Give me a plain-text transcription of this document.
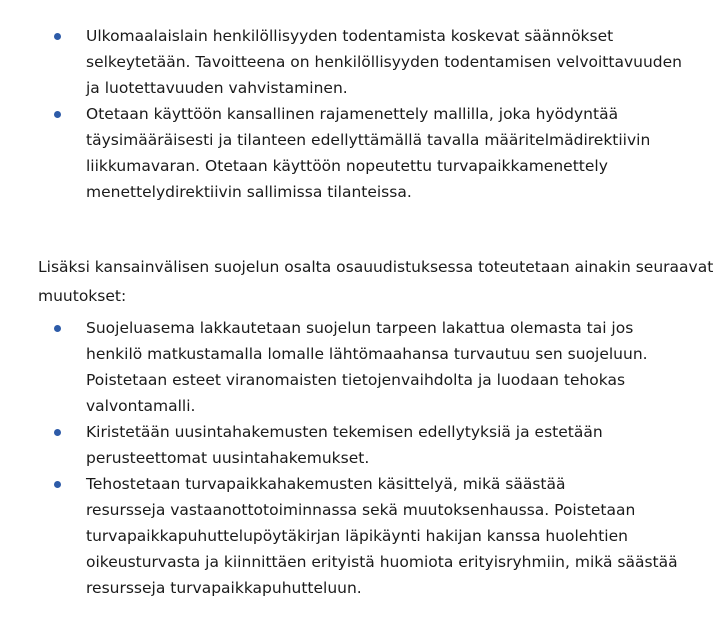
Ulkomaalaislain henkilöllisyyden todentamista koskevat säännökset
selkeytetään. Tavoitteena on henkilöllisyyden todentamisen velvoittavuuden
ja luotettavuuden vahvistaminen.
Otetaan käyttöön kansallinen rajamenettely mallilla, joka hyödyntää
täysimääräisesti ja tilanteen edellyttämällä tavalla määritelmädirektiivin
liikkumavaran. Otetaan käyttöön nopeutettu turvapaikkamenettely
menettelydirektiivin sallimissa tilanteissa.

Lisäksi kansainvälisen suojelun osalta osauudistuksessa toteutetaan ainakin seuraavat
muutokset:

Suojeluasema lakkautetaan suojelun tarpeen lakattua olemasta tai jos
henkilö matkustamalla lomalle lähtömaahansa turvautuu sen suojeluun.
Poistetaan esteet viranomaisten tietojenvaihdolta ja luodaan tehokas
valvontamalli.
Kiristetään uusintahakemusten tekemisen edellytyksiä ja estetään
perusteettomat uusintahakemukset.
Tehostetaan turvapaikkahakemusten käsittelyä, mikä säästää
resursseja vastaanottotoiminnassa sekä muutoksenhaussa. Poistetaan
turvapaikkapuhuttelupöytäkirjan läpikäynti hakijan kanssa huolehtien
oikeusturvasta ja kiinnittäen erityistä huomiota erityisryhmiin, mikä säästää
resursseja turvapaikkapuhutteluun.
